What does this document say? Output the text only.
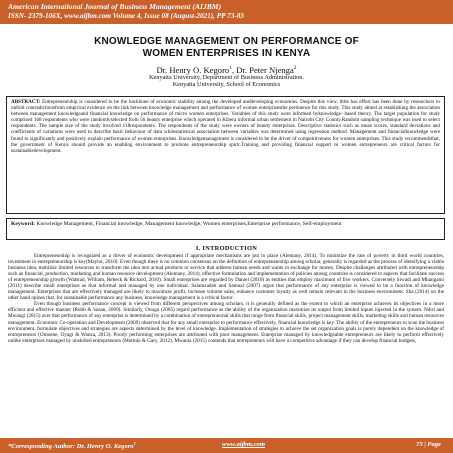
American International Journal of Business Management (AIJBM)
ISSN- 2379-106X, www.aijbm.com Volume 4, Issue 08 (August-2021), PP 73-83
KNOWLEDGE MANAGEMENT ON PERFORMANCE OF
WOMEN ENTERPRISES IN KENYA
Dr. Henry O. Kegoro$^1$, Dr. Peter Njenga$^2$
Kenyatta University, Department of Business Administration.
Kenyatta University, School of Economics
ABSTRACT: Entrepreneurship is considered to be the backbone of economic stability among the developed anddeveloping economies. Despite this view, little has effort has been done by researchers to unfold contradictionsfrom empirical evidence on the link between knowledge management and performance of women enterprisesthe pertinence for this study. This study aimed at establishing the association between management knowledgeand financial knowledge on performance of micro women enterprises. Variables of this study were informed byknowledge- based theory. The target population for study comprised 168 respondents who were randomlyselected from 56 beauty enterprise which operated in Kibera informal urban settlement in Nairobi City County.Random sampling technique was used to select respondents. The sample size of the study involved 118respondents. The respondents of the study were owners of beauty enterprises. Descriptive statistics such as mean scores, standard deviations and coefficients of variations were used to describe basic behaviour of data whilestatistical association between variables was determined using regression method. Management and financialknowledge were found to significantly and positively explain performance of women enterprises. Knowledgemanagement is considered to be the driver of competitiveness for women enterprises. This study recommendsthat, the government of Kenya should provide an enabling environment to promote entrepreneurship spirit.Training and providing financial support to women entrepreneurs are critical factors for sustainabledevelopment.
Keyword: Knowledge Management, Financial knowledge, Management knowledge, Women enterprises,Enterprise performance, Self-employment
I. INTRODUCTION

Entrepreneurship is recognized as a driver of economic development if appropriate mechanisms are put in place (Alemany, 2014). To minimize the rate of poverty in third world countries, investment in entrepreneurship is key(Maylor, 2010). Even though there is no common consensus on the definition of entrepreneurship among scholar, generally is regarded as the process of identifying a viable business idea, mobilize limited resources to transform the idea into actual products or service that address human needs and wants in exchange for money. Despite challenges attributed with entrepreneurship such as financial, production, marketing and human resource development (Alemany, 2014), effective formulation and implementation of policies among countries is considered to aspects that facilitate success of entrepreneurship growth (Walstad, William, Rebeck & Richard, 2010). Small enterprises are regarded by Daniel (2010) as entities that employ maximum of five workers. Conversely Siwadi and Mhangami (2011) describe small enterprises as that informal and managed by one individual. Salamzadeh and Samual (2007) argue that performance of any enterprise is viewed to be a function of knowledge management. Enterprises that are effectively managed are likely to maximize profit, increase volume sales, enhance customer loyalty as well remain relevant in the business environment. Sha (2014) on the other hand opines that, for sustainable performance any business, knowledge management is a critical factor.

Even though business performance concept is viewed from different perspectives among scholars, it is generally defined as the extent to which an enterprise achieves its objectives in a more efficient and effective manner (Robb & Susan, 2009). Similarly, Onugu (2005) regard performance as the ability of the organization maximize its output from limited inputs injected in the system. Ndiri and Mwangi (2015) aver that performance of any enterprise is determined by a combination of entrepreneurial skills that range from financial skills, project management skills, marketing skills and human resources management. Economic Co-operation and Development (2009) observed that for any small enterprise to performance effectively, financial knowledge is key. The ability of the entrepreneurs to scan the business environment, formulate objectives and strategies are aspects determined by the level of knowledge. Implementation of strategies to achieve the set organization goals is purely dependent on the knowledge of entrepreneurs (Omoene, Oyagi & Wanza, 2013). Poorly performing enterprises are attributed with poor management. Enterprise managed by knowledgeable entrepreneurs are likely to perform effectively unlike enterprises managed by unskilled entrepreneurs (Mottola & Gary, 2012). Mwania (2015) contends that entrepreneurs will have a competitive advantage if they can develop financial budgets,

*Corresponding Author: Dr. Henry O. Kegoro$^1$	www.aijbm.com	73 | Page
